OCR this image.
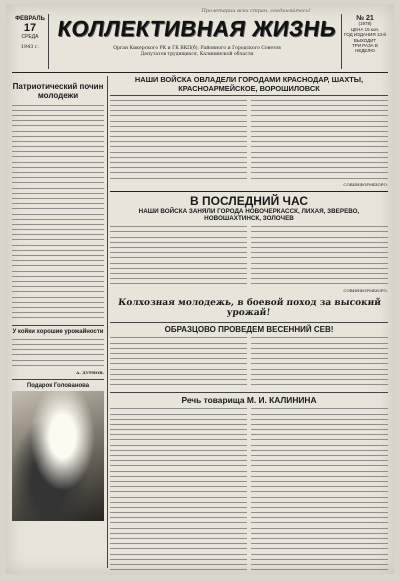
Пролетарии всех стран, соединяйтесь!
ФЕВРАЛЬ
17
СРЕДА
1943 г.
КОЛЛЕКТИВНАЯ ЖИЗНЬ
Орган Кикерского РК и ГК ВКП(б), Районного и Городского Советов
Депутатов трудящихся, Калининской области
№ 21
(1978)
ЦЕНА 15 коп.
ГОД ИЗДАНИЯ 13-й
ВЫХОДИТ
ТРИ РАЗА В НЕДЕЛЮ
Патриотический почин молодежи
У койки хорошие урожайности
А. ДУРНОВ.
Подарок Голованова
НАШИ ВОЙСКА ОВЛАДЕЛИ ГОРОДАМИ КРАСНОДАР, ШАХТЫ, КРАСНОАРМЕЙСКОЕ, ВОРОШИЛОВСК
СОВИНФОРМБЮРО.
В ПОСЛЕДНИЙ ЧАС
НАШИ ВОЙСКА ЗАНЯЛИ ГОРОДА НОВОЧЕРКАССК, ЛИХАЯ, ЗВЕРЕВО, НОВОШАХТИНСК, ЗОЛОЧЕВ
СОВИНФОРМБЮРО.
Колхозная молодежь, в боевой поход за высокий урожай!
ОБРАЗЦОВО ПРОВЕДЕМ ВЕСЕННИЙ СЕВ!
Речь товарища М. И. КАЛИНИНА
